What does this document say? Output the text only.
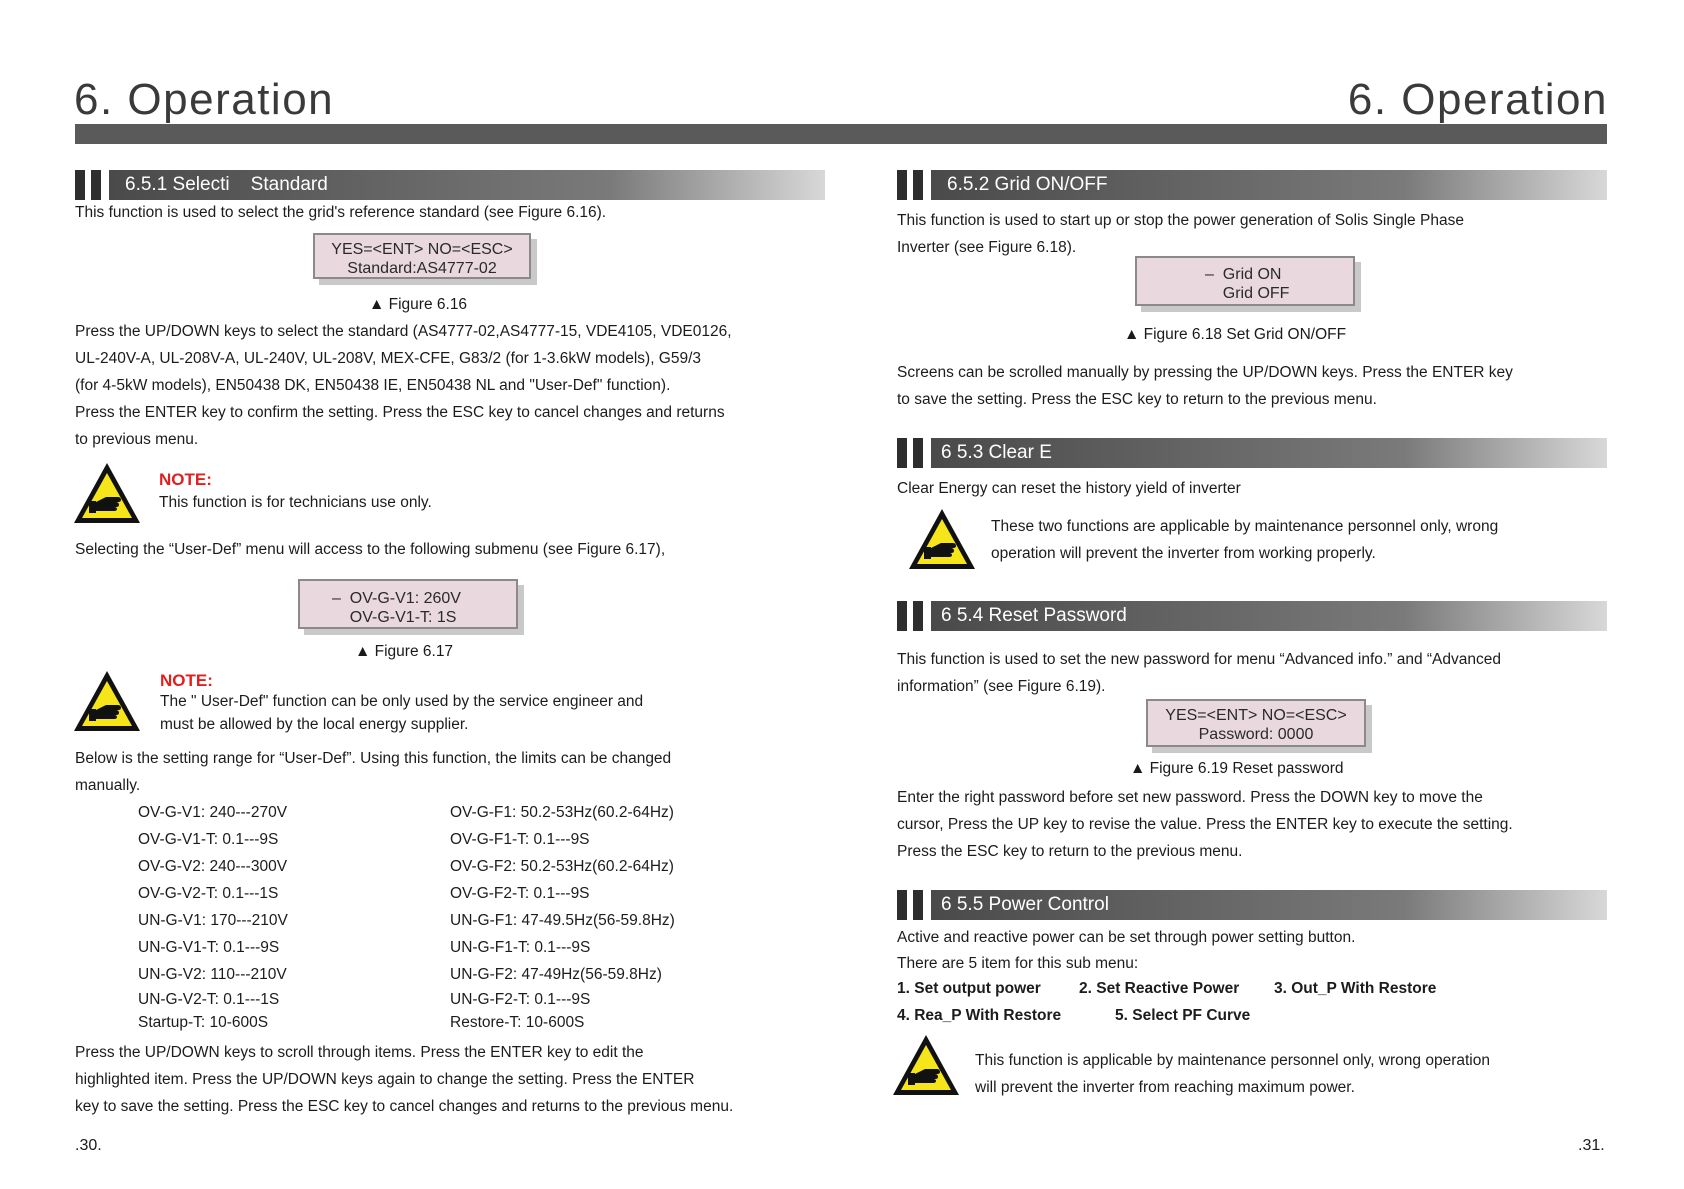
6. Operation	6. Operation
6.5.1 Selecti    Standard
This function is used to select the grid's reference standard (see Figure 6.16).
YES=<ENT> NO=<ESC>
Standard:AS4777-02
▲ Figure 6.16
Press the UP/DOWN keys to select the standard (AS4777-02,AS4777-15, VDE4105, VDE0126,
UL-240V-A, UL-208V-A, UL-240V, UL-208V, MEX-CFE, G83/2 (for 1-3.6kW models), G59/3
(for 4-5kW models), EN50438 DK, EN50438 IE, EN50438 NL and "User-Def" function).
Press the ENTER key to confirm the setting. Press the ESC key to cancel changes and returns
to previous menu.
NOTE:
This function is for technicians use only.
Selecting the “User-Def” menu will access to the following submenu (see Figure 6.17),
–  OV-G-V1: 260V
OV-G-V1-T: 1S
▲ Figure 6.17
NOTE:
The " User-Def" function can be only used by the service engineer and
must be allowed by the local energy supplier.
Below is the setting range for “User-Def”. Using this function, the limits can be changed
manually.
OV-G-V1: 240---270V
OV-G-V1-T: 0.1---9S
OV-G-V2: 240---300V
OV-G-V2-T: 0.1---1S
UN-G-V1: 170---210V
UN-G-V1-T: 0.1---9S
UN-G-V2: 110---210V
UN-G-V2-T: 0.1---1S
Startup-T: 10-600S
OV-G-F1: 50.2-53Hz(60.2-64Hz)
OV-G-F1-T: 0.1---9S
OV-G-F2: 50.2-53Hz(60.2-64Hz)
OV-G-F2-T: 0.1---9S
UN-G-F1: 47-49.5Hz(56-59.8Hz)
UN-G-F1-T: 0.1---9S
UN-G-F2: 47-49Hz(56-59.8Hz)
UN-G-F2-T: 0.1---9S
Restore-T: 10-600S
Press the UP/DOWN keys to scroll through items. Press the ENTER key to edit the
highlighted item. Press the UP/DOWN keys again to change the setting. Press the ENTER
key to save the setting. Press the ESC key to cancel changes and returns to the previous menu.
.30.
6.5.2 Grid ON/OFF
This function is used to start up or stop the power generation of Solis Single Phase
Inverter (see Figure 6.18).
–  Grid ON
Grid OFF
▲ Figure 6.18 Set Grid ON/OFF
Screens can be scrolled manually by pressing the UP/DOWN keys. Press the ENTER key
to save the setting. Press the ESC key to return to the previous menu.
6 5.3 Clear E
Clear Energy can reset the history yield of inverter
These two functions are applicable by maintenance personnel only, wrong
operation will prevent the inverter from working properly.
6 5.4 Reset Password
This function is used to set the new password for menu “Advanced info.” and “Advanced
information” (see Figure 6.19).
YES=<ENT> NO=<ESC>
Password: 0000
▲ Figure 6.19 Reset password
Enter the right password before set new password. Press the DOWN key to move the
cursor, Press the UP key to revise the value. Press the ENTER key to execute the setting.
Press the ESC key to return to the previous menu.
6 5.5 Power Control
Active and reactive power can be set through power setting button.
There are 5 item for this sub menu:
1. Set output power 2. Set Reactive Power 3. Out_P With Restore
4. Rea_P With Restore	5. Select PF Curve
This function is applicable by maintenance personnel only, wrong operation
will prevent the inverter from reaching maximum power.
.31.
